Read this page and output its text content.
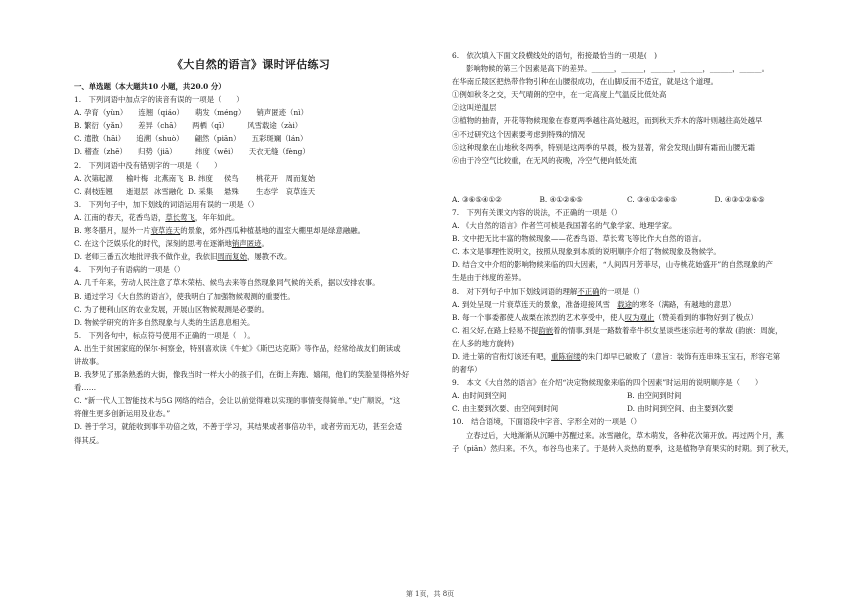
《大自然的语言》课时评估练习
一、单选题（本大题共10 小题，共20.0 分）
1.　下列词语中加点字的读音有误的一项是（　　）
A. 孕育（yùn）　　连翘（qiáo）　　萌发（méng）　　销声匿迹（nì）
B. 繁衍（yǎn）　　差异（chā）　　两栖（qī）　　　风雪载途（zài）
C. 遣散（hāi）　　追溯（shuò）　　翩然（piān）　　五彩斑斓（lán）
D. 稽查（zhē）　　归势（jiā）　　　纬度（wěi）　　天衣无缝（fèng）
2.　下列词语中没有错别字的一项是（　　）
A. 次第 起源	榆叶梅 北燕南飞 B. 纬度	侯鸟	桃花开　 周而复始
C. 刹枝 连翘	逝退层 冰雪融化 D. 采集	悬殊	生态学　 哀草连天
3.　下列句子中，加下划线的词语运用有误的一项是（）
A. 江南的春天，花香鸟语，草长莺飞，年年如此。
B. 寒冬腊月，屋外一片衰草连天的景象，郊外西瓜种植基地的温室大棚里却是绿意融融。
C. 在这个泛娱乐化的时代，深刻的思考在逐渐地销声匿迹。
D. 老师三番五次地批评我不做作业，我依旧周而复始，屡教不改。
4.　下列句子有语病的一项是（）
A. 几千年来，劳动人民注意了草木荣枯、候鸟去来等自然现象同气候的关系，据以安排农事。
B. 通过学习《大自然的语言》，使我明白了加强物候观测的重要性。
C. 为了便利山区的农业发展，开展山区物候观测是必要的。
D. 物候学研究的许多自然现象与人类的生活息息相关。
5.　下列各句中，标点符号使用不正确的一项是（　）。
A. 出生于贫困家庭的保尔·柯察金，特别喜欢读《牛虻》《斯巴达克斯》等作品，经常给战友们朗读或
讲故事。
B. 我梦见了那条熟悉的大街，像我当时一样大小的孩子们，在街上奔跑、嬉闹，他们的笑脸显得格外好
看……
C. “新一代人工智能技术与5G 网络的结合，会让以前觉得难以实现的事情变得简单。”史广顺说，“这
将催生更多创新运用及业态。”
D. 善于学习，就能收到事半功倍之效，不善于学习，其结果或者事倍功半，或者劳而无功，甚至会适
得其反。
6.　依次填入下面文段横线处的语句，衔接最恰当的一项是(　)
影响物候的第三个因素是高下的差异。______，______，______，______，______，______。
在华南丘陵区把热带作物引种在山腰很成功，在山脚反而不适宜，就是这个道理。
①例如秋冬之交，天气晴朗的空中，在一定高度上气温反比低处高
②这叫逆温层
③植物的抽青，开花等物候现象在春夏两季越往高处越迟，而到秋天乔木的落叶则越往高处越早
④不过研究这个因素要考虑到特殊的情况
⑤这种现象在山地秋冬两季，特别是这两季的早晨，极为显著，常会发现山脚有霜而山腰无霜
⑥由于冷空气比较重，在无风的夜晚，冷空气便向低处流
A. ③⑥⑤④①②	B. ④①②⑥⑤	C. ③④①②⑥⑤	D. ④③①②⑥⑤
7.　下列有关课文内容的说法，不正确的一项是（）
A. 《大自然的语言》作者竺可桢是我国著名的气象学家、地理学家。
B. 文中把无比丰富的物候现象——花香鸟语、草长莺飞等比作大自然的语言。
C. 本文是事理性说明文，按照从现象到本质的说明顺序介绍了物候现象及物候学。
D. 结合文中介绍的影响物候来临的四大因素，“人间四月芳菲尽，山寺桃花始盛开”的自然现象的产
生是由于纬度的差异。
8.　对下列句子中加下划线词语的理解不正确的一项是（）
A. 到处呈现一片衰草连天的景象，准备迎接风雪　载途的寒冬（满路，有越地的意思）
B. 每一个事委都使人战栗在浓烈的艺术享受中，使人叹为观止（赞美看到的事物好到了极点）
C. 祖父好,在路上轻易不提韵嵌着的情事,到是一路数着牵牛织女星谈些迷宗赶考的掌故 (韵嵌：周旋，
在人多的地方旋转)
D. 进士第的官衔灯该还有吧，重陈宿缕的朱门却早已破败了（意旨：装饰有连串珠玉宝石，形容宅第
的奢华）
9.　本文《大自然的语言》在介绍“决定物候现象来临的四个因素”时运用的说明顺序是（　　）
A. 由时间到空间	B. 由空间到时间
C. 由主要到次要、由空间到时间	D. 由时间到空间、由主要到次要
10.　结合语境，下面语段中字音、字形全对的一项是（）
立春过后，大地渐渐从沉睡中苏醒过来。冰雪融化，草木萌发，各种花次第开放。再过两个月，燕
子（piān）然归来。不久，布谷鸟也来了。于是转入炎热的夏季，这是植物孕育果实的时期。到了秋天，
第 1页，共 8页
